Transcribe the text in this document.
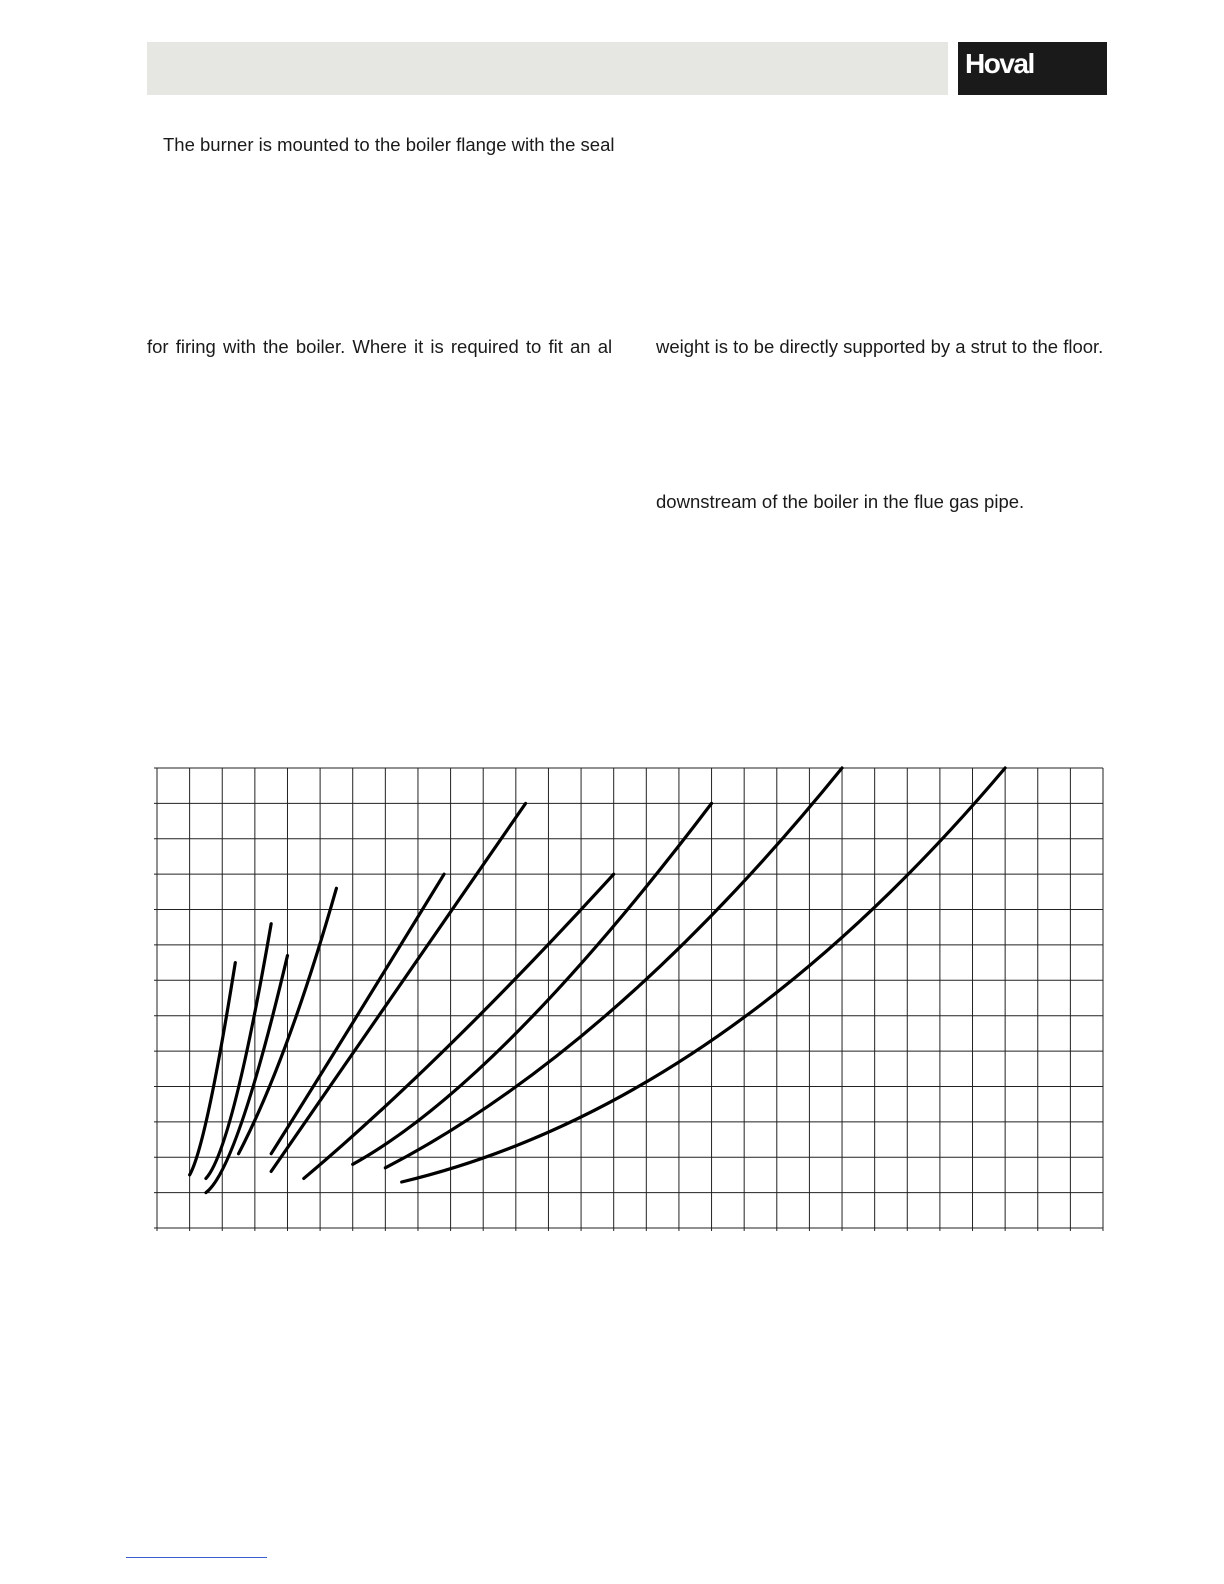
Hoval
The burner is mounted to the boiler flange with the seal
for firing with the boiler. Where it is required to fit an al weight is to be directly supported by a strut to the floor.
downstream of the boiler in the flue gas pipe.
